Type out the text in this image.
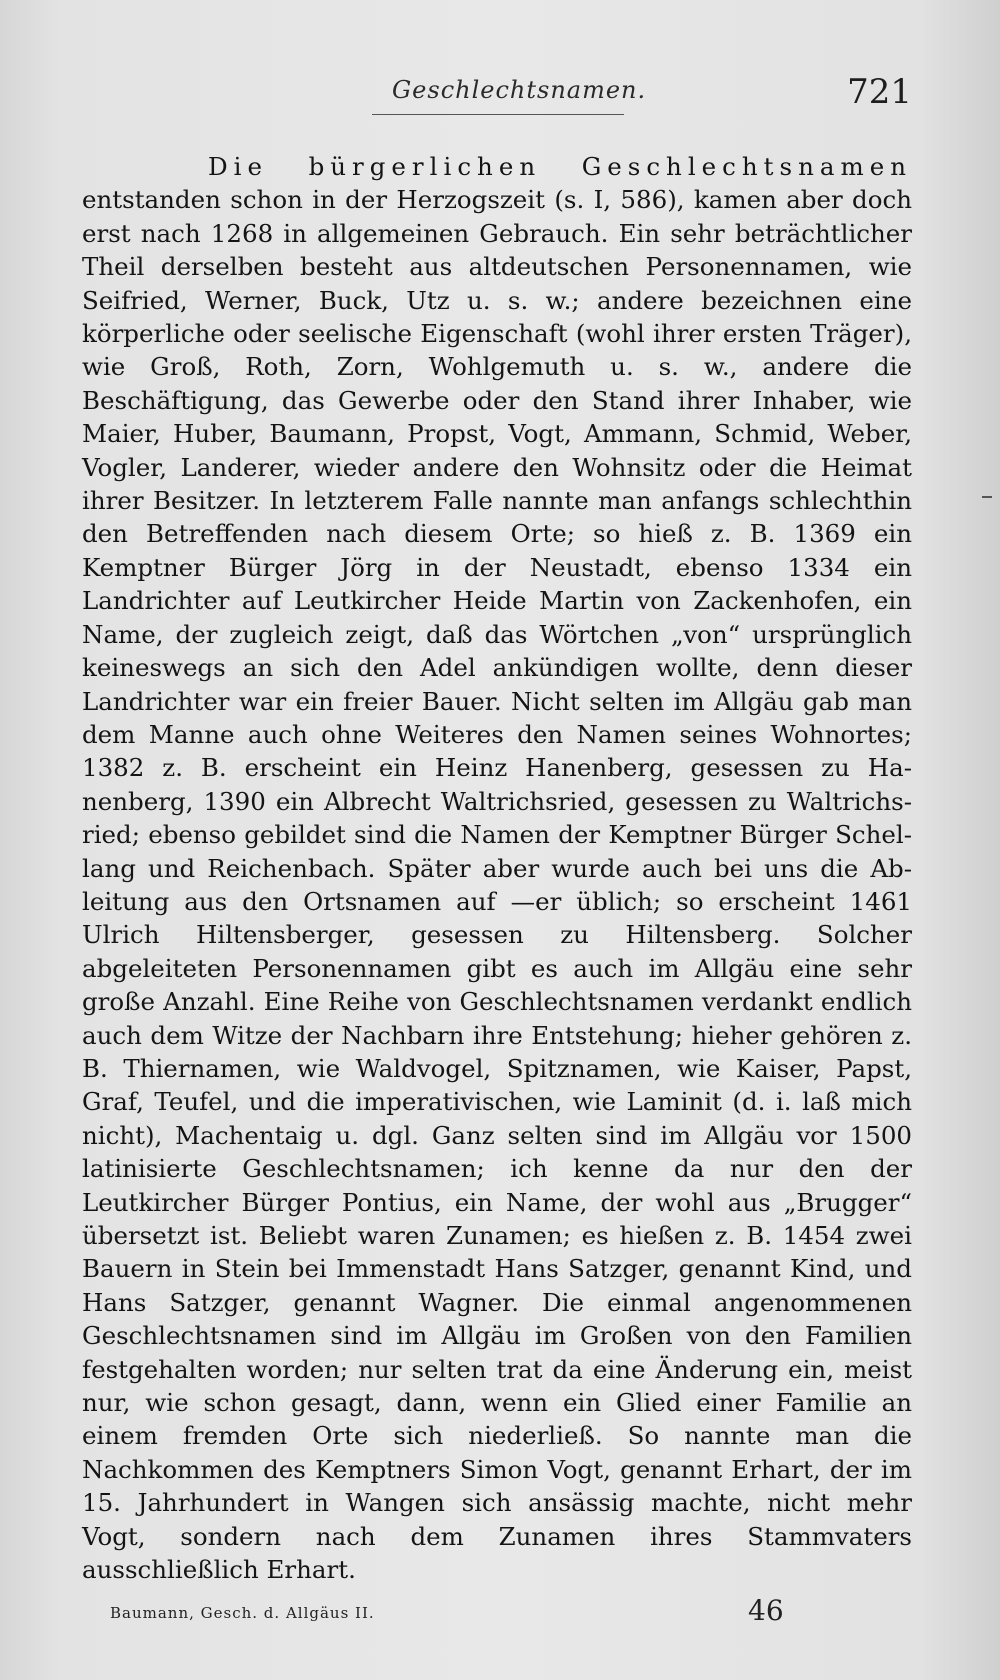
Geschlechtsnamen.	721

Die bürgerlichen Geschlechtsnamen entstanden schon in der Herzogszeit (s. I, 586), kamen aber doch erst nach 1268 in allgemeinen Gebrauch. Ein sehr beträchtlicher Theil derselben besteht aus altdeutschen Personennamen, wie Seifried, Werner, Buck, Utz u. s. w.; andere bezeichnen eine körperliche oder seelische Eigenschaft (wohl ihrer ersten Träger), wie Groß, Roth, Zorn, Wohlgemuth u. s. w., andere die Beschäftigung, das Gewerbe oder den Stand ihrer Inhaber, wie Maier, Huber, Baumann, Propst, Vogt, Ammann, Schmid, Weber, Vogler, Landerer, wieder andere den Wohnsitz oder die Heimat ihrer Besitzer. In letzterem Falle nannte man anfangs schlechthin den Betreffenden nach diesem Orte; so hieß z. B. 1369 ein Kemptner Bürger Jörg in der Neustadt, ebenso 1334 ein Landrichter auf Leutkircher Heide Martin von Zackenhofen, ein Name, der zugleich zeigt, daß das Wörtchen „von“ ursprünglich keineswegs an sich den Adel ankündigen wollte, denn dieser Landrichter war ein freier Bauer. Nicht selten im Allgäu gab man dem Manne auch ohne Weiteres den Namen seines Wohnortes; 1382 z. B. erscheint ein Heinz Hanenberg, gesessen zu Hanenberg, 1390 ein Albrecht Waltrichsried, gesessen zu Waltrichsried; ebenso gebildet sind die Namen der Kemptner Bürger Schellang und Reichenbach. Später aber wurde auch bei uns die Ableitung aus den Ortsnamen auf —er üblich; so erscheint 1461 Ulrich Hiltensberger, gesessen zu Hiltensberg. Solcher abgeleiteten Personennamen gibt es auch im Allgäu eine sehr große Anzahl. Eine Reihe von Geschlechtsnamen verdankt endlich auch dem Witze der Nachbarn ihre Entstehung; hieher gehören z. B. Thiernamen, wie Waldvogel, Spitznamen, wie Kaiser, Papst, Graf, Teufel, und die imperativischen, wie Laminit (d. i. laß mich nicht), Machentaig u. dgl. Ganz selten sind im Allgäu vor 1500 latinisierte Geschlechtsnamen; ich kenne da nur den der Leutkircher Bürger Pontius, ein Name, der wohl aus „Brugger“ übersetzt ist. Beliebt waren Zunamen; es hießen z. B. 1454 zwei Bauern in Stein bei Immenstadt Hans Satzger, genannt Kind, und Hans Satzger, genannt Wagner. Die einmal angenommenen Geschlechtsnamen sind im Allgäu im Großen von den Familien festgehalten worden; nur selten trat da eine Änderung ein, meist nur, wie schon gesagt, dann, wenn ein Glied einer Familie an einem fremden Orte sich niederließ. So nannte man die Nachkommen des Kemptners Simon Vogt, genannt Erhart, der im 15. Jahrhundert in Wangen sich ansässig machte, nicht mehr Vogt, sondern nach dem Zunamen ihres Stammvaters ausschließlich Erhart.

Baumann, Gesch. d. Allgäus II.	46
